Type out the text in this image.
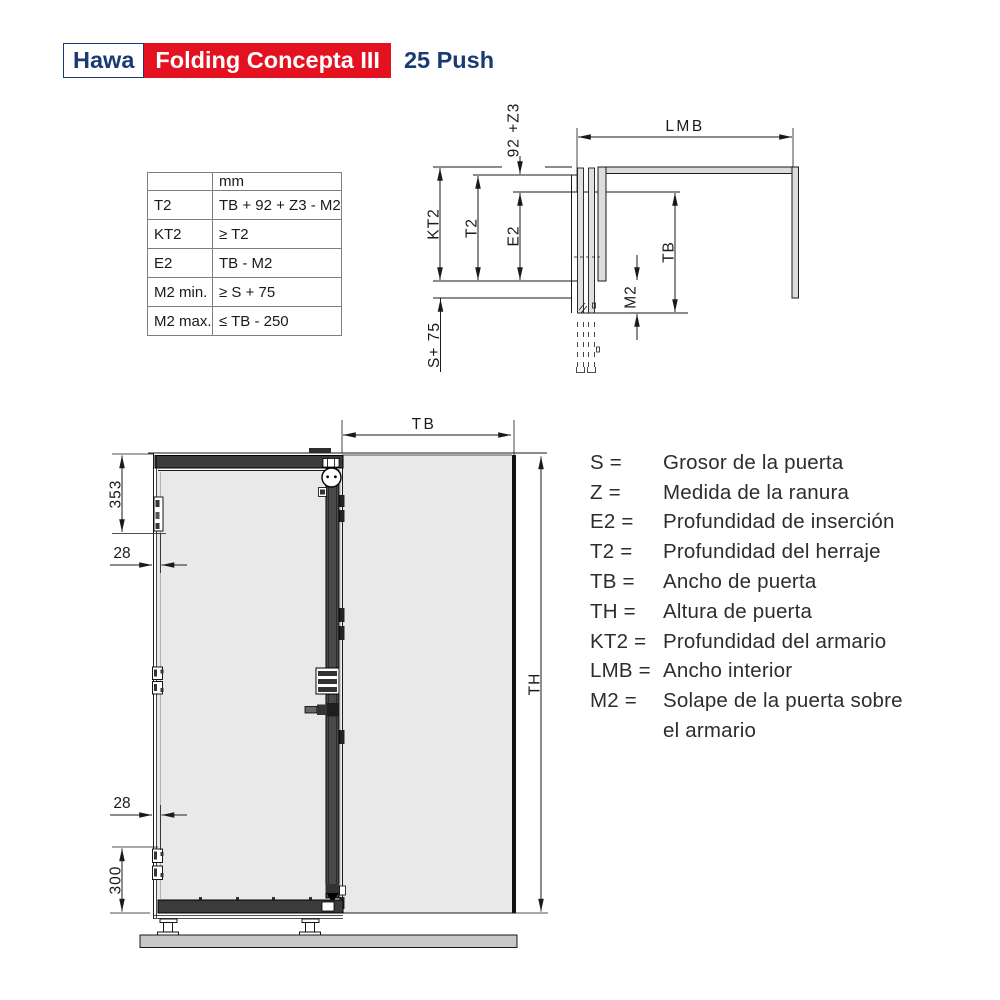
Hawa Folding Concepta III 25 Push
	mm
T2	TB + 92 + Z3 - M2
KT2	≥ T2
E2	TB - M2
M2 min.	≥ S + 75
M2 max.	≤ TB - 250
S =	Grosor de la puerta
Z =	Medida de la ranura
E2 =	Profundidad de inserción
T2 =	Profundidad del herraje
TB =	Ancho de puerta
TH =	Altura de puerta
KT2 = Profundidad del armario
LMB = Ancho interior
M2 =	Solape de la puerta sobre
el armario
LMB
92 +Z3
KT2 T2 E2
S+ 75
TB
M2
TB
TH
353
28
28
300
